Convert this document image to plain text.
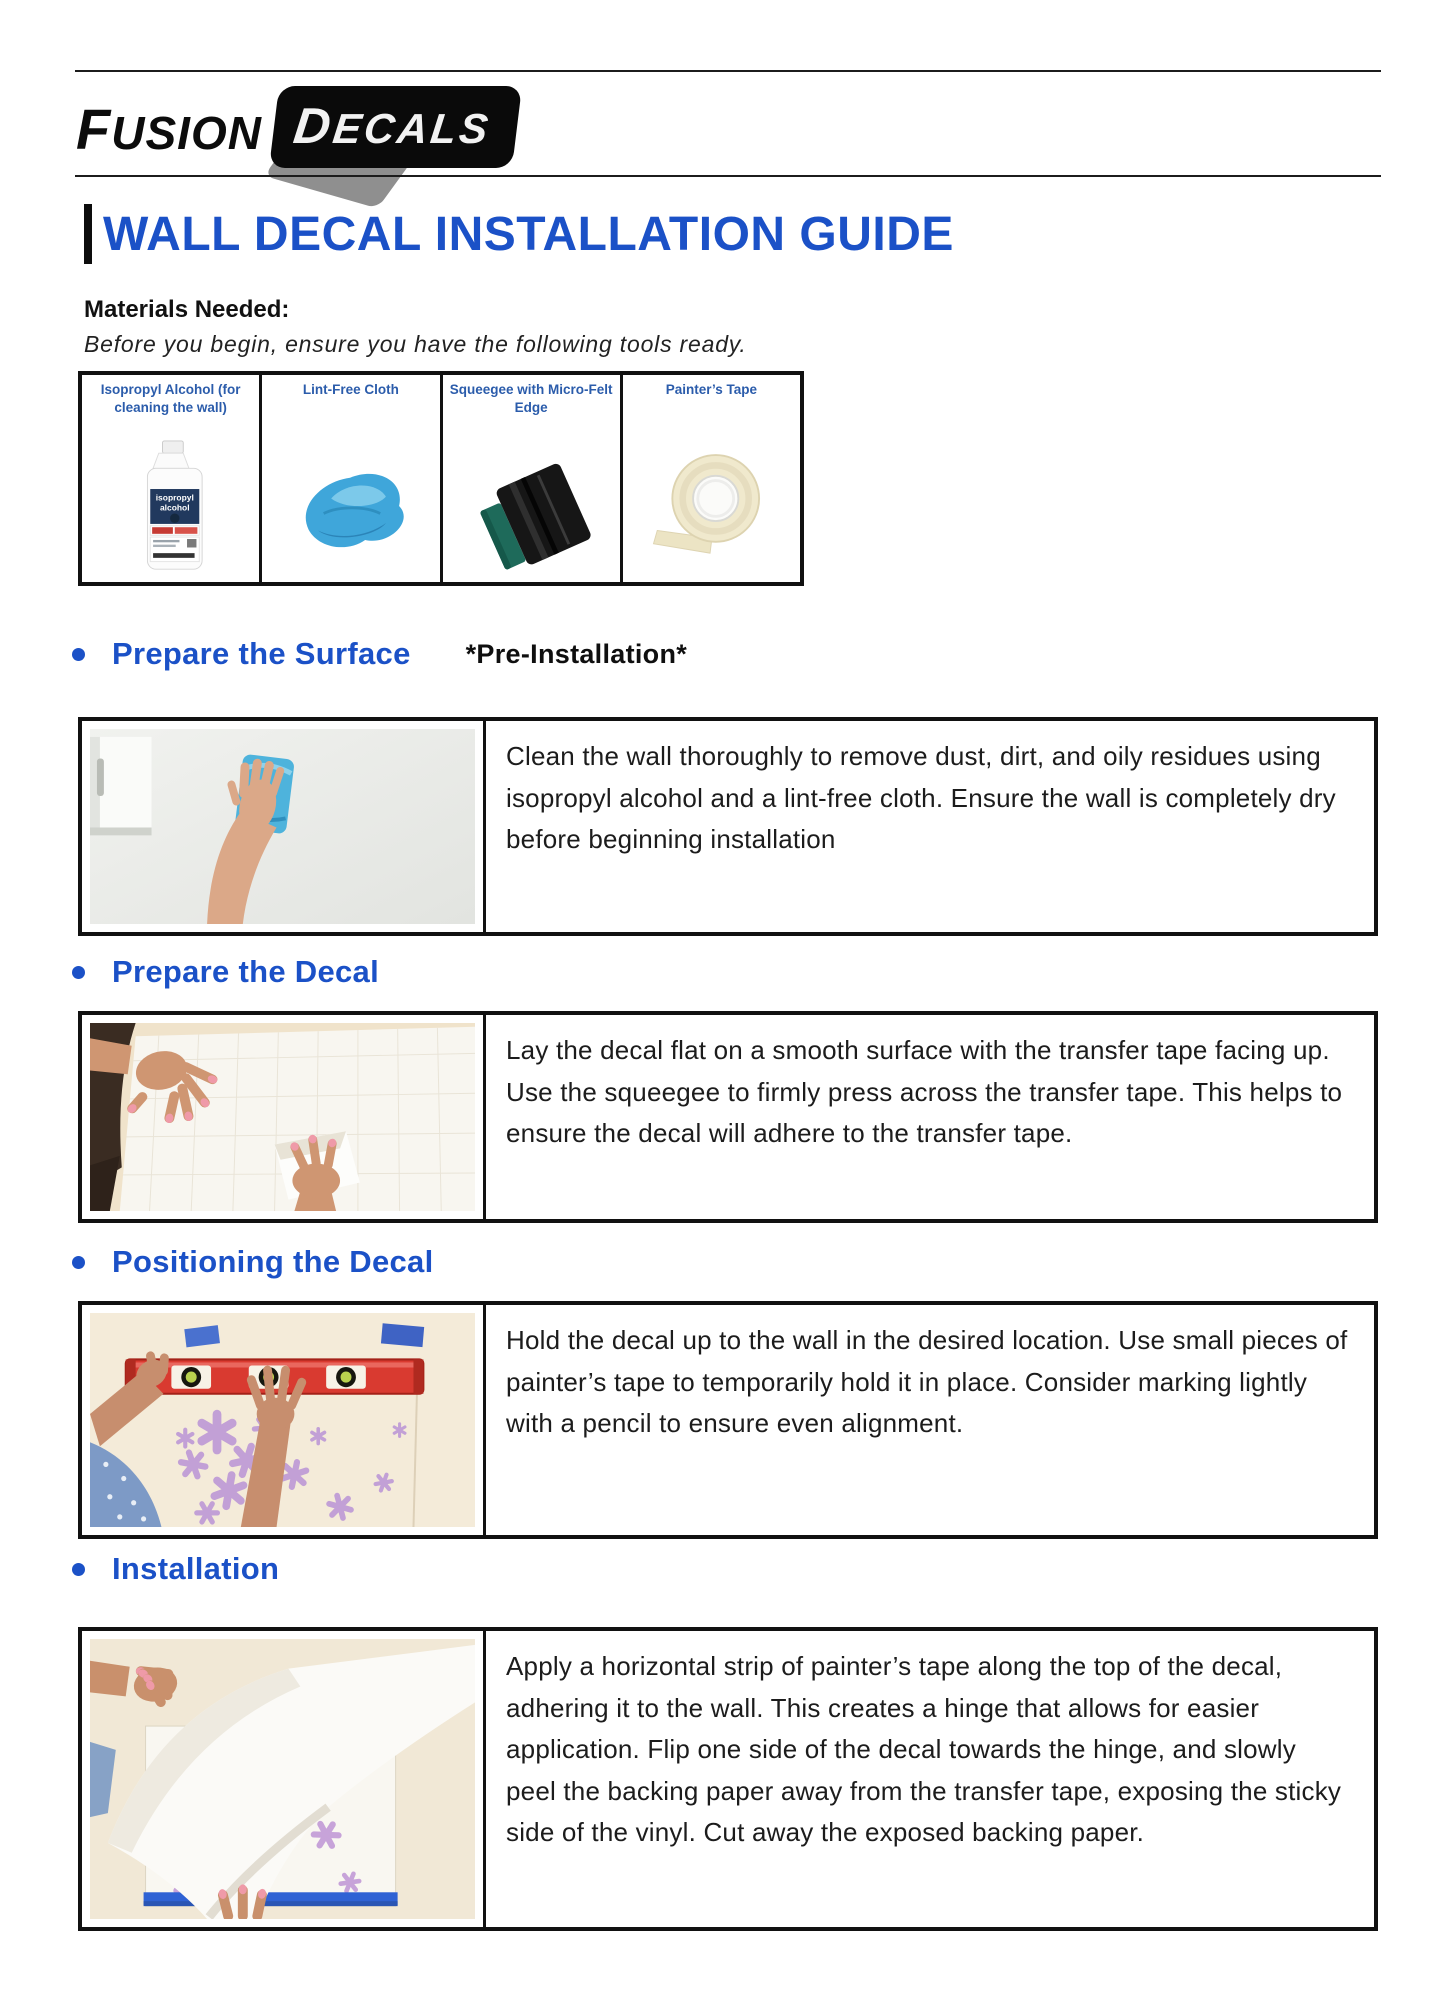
FUSION DECALS
WALL DECAL INSTALLATION GUIDE
Materials Needed:
Before you begin, ensure you have the following tools ready.
Isopropyl Alcohol (for cleaning the wall)
isopropyl
alcohol
Lint-Free Cloth	Squeegee with Micro-Felt Edge
Painter’s Tape
Prepare the Surface *Pre-Installation*
Clean the wall thoroughly to remove dust, dirt, and oily residues using isopropyl alcohol and a lint-free cloth. Ensure the wall is completely dry before beginning installation
Prepare the Decal
Lay the decal flat on a smooth surface with the transfer tape facing up. Use the squeegee to firmly press across the transfer tape. This helps to ensure the decal will adhere to the transfer tape.
Positioning the Decal
Hold the decal up to the wall in the desired location. Use small pieces of painter’s tape to temporarily hold it in place. Consider marking lightly with a pencil to ensure even alignment.
Installation
Apply a horizontal strip of painter’s tape along the top of the decal, adhering it to the wall. This creates a hinge that allows for easier application. Flip one side of the decal towards the hinge, and slowly peel the backing paper away from the transfer tape, exposing the sticky side of the vinyl. Cut away the exposed backing paper.
